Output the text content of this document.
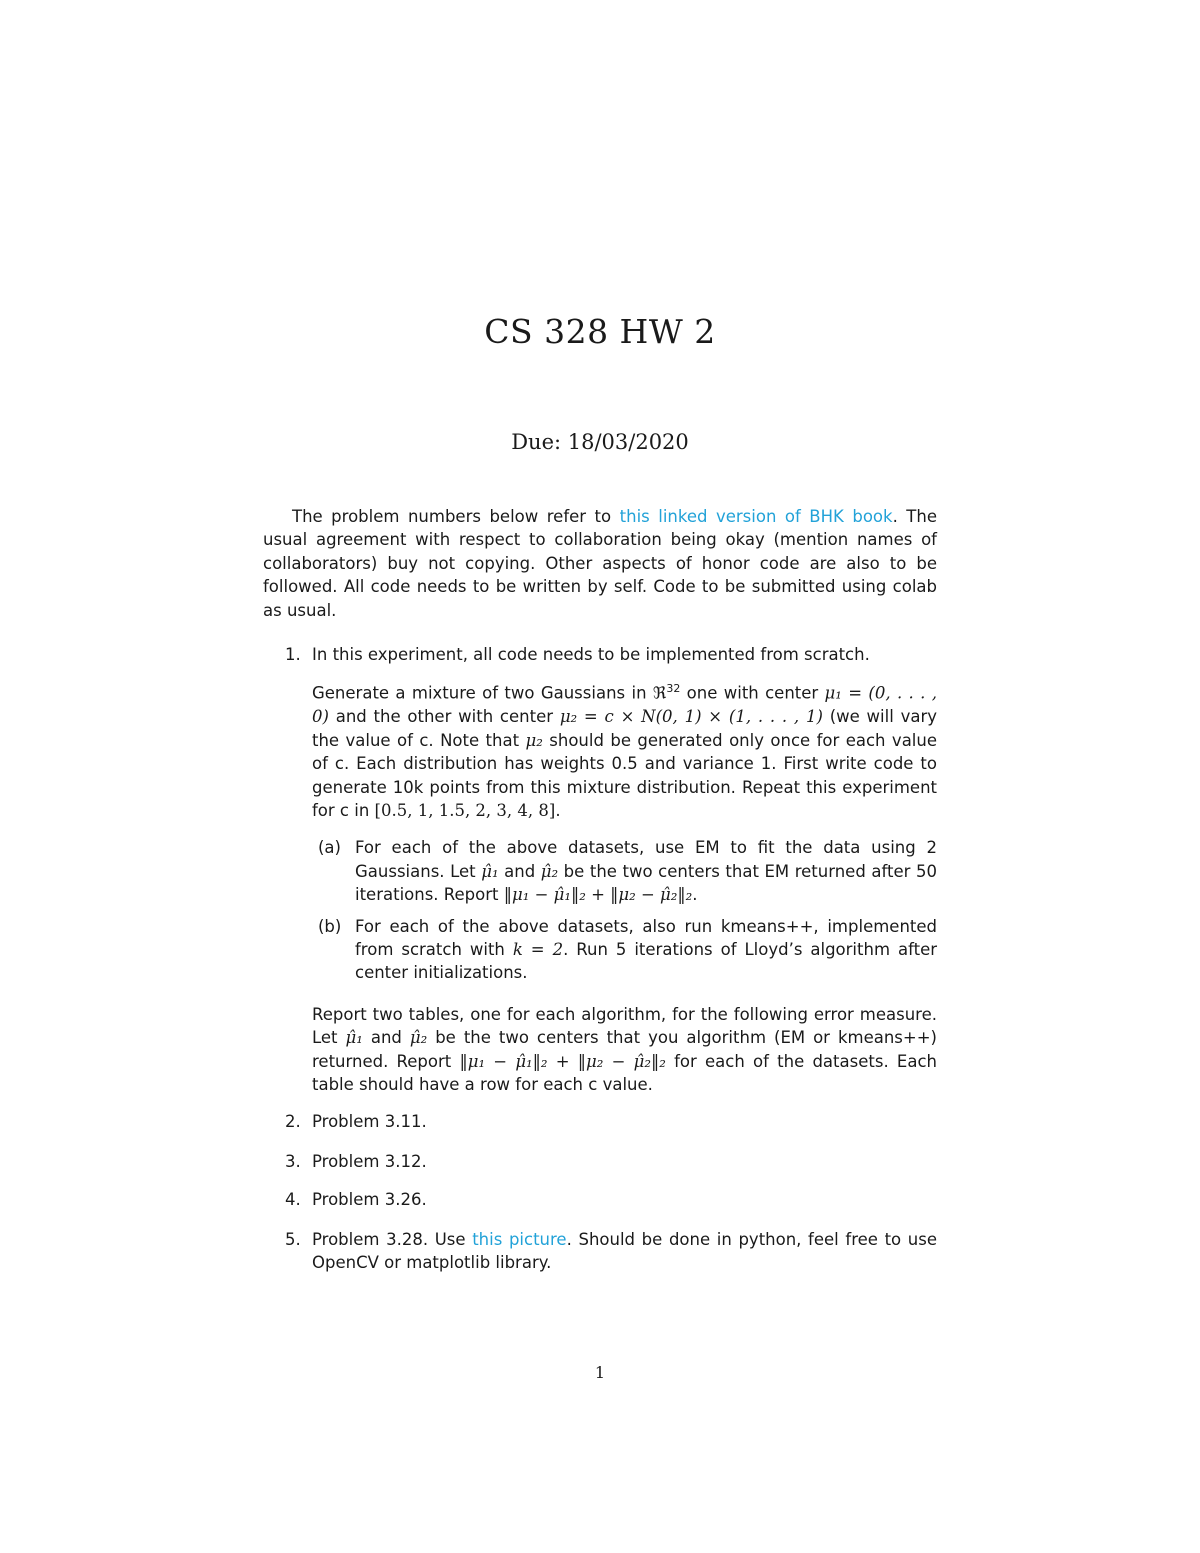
CS 328 HW 2
Due: 18/03/2020

The problem numbers below refer to this linked version of BHK book. The usual agreement with respect to collaboration being okay (mention names of collaborators) buy not copying. Other aspects of honor code are also to be followed. All code needs to be written by self. Code to be submitted using colab as usual.

1. In this experiment, all code needs to be implemented from scratch.

Generate a mixture of two Gaussians in ℜ$^{32}$ one with center μ₁ = (0, . . . , 0) and the other with center μ₂ = c × N(0, 1) × (1, . . . , 1) (we will vary the value of c. Note that μ₂ should be generated only once for each value of c. Each distribution has weights 0.5 and variance 1. First write code to generate 10k points from this mixture distribution. Repeat this experiment for c in [0.5, 1, 1.5, 2, 3, 4, 8].

(a) For each of the above datasets, use EM to fit the data using 2 Gaussians. Let μ̂₁ and μ̂₂ be the two centers that EM returned after 50 iterations. Report ‖μ₁ − μ̂₁‖₂ + ‖μ₂ − μ̂₂‖₂.
(b) For each of the above datasets, also run kmeans++, implemented from scratch with k = 2. Run 5 iterations of Lloyd’s algorithm after center initializations.

Report two tables, one for each algorithm, for the following error measure. Let μ̂₁ and μ̂₂ be the two centers that you algorithm (EM or kmeans++) returned. Report ‖μ₁ − μ̂₁‖₂ + ‖μ₂ − μ̂₂‖₂ for each of the datasets. Each table should have a row for each c value.

2. Problem 3.11.

3. Problem 3.12.

4. Problem 3.26.

5. Problem 3.28. Use this picture. Should be done in python, feel free to use OpenCV or matplotlib library.

1
